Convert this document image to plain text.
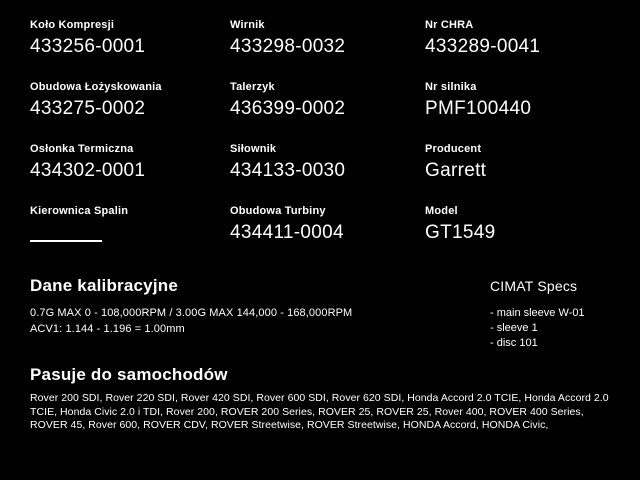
Koło Kompresji
433256-0001
Wirnik
433298-0032
Nr CHRA
433289-0041
Obudowa Łożyskowania
433275-0002
Talerzyk
436399-0002
Nr silnika
PMF100440
Osłonka Termiczna
434302-0001
Siłownik
434133-0030
Producent
Garrett
Kierownica Spalin	Obudowa Turbiny
434411-0004
Model
GT1549
Dane kalibracyjne
0.7G MAX 0 - 108,000RPM / 3.00G MAX 144,000 - 168,000RPM
ACV1: 1.144 - 1.196 = 1.00mm
CIMAT Specs
- main sleeve W-01
- sleeve 1
- disc 101
Pasuje do samochodów
Rover 200 SDI, Rover 220 SDI, Rover 420 SDI, Rover 600 SDI, Rover 620 SDI, Honda Accord 2.0 TCIE, Honda Accord 2.0 TCIE, Honda Civic 2.0 i TDI, Rover 200, ROVER 200 Series, ROVER 25, ROVER 25, Rover 400, ROVER 400 Series, ROVER 45, Rover 600, ROVER CDV, ROVER Streetwise, ROVER Streetwise, HONDA Accord, HONDA Civic,
